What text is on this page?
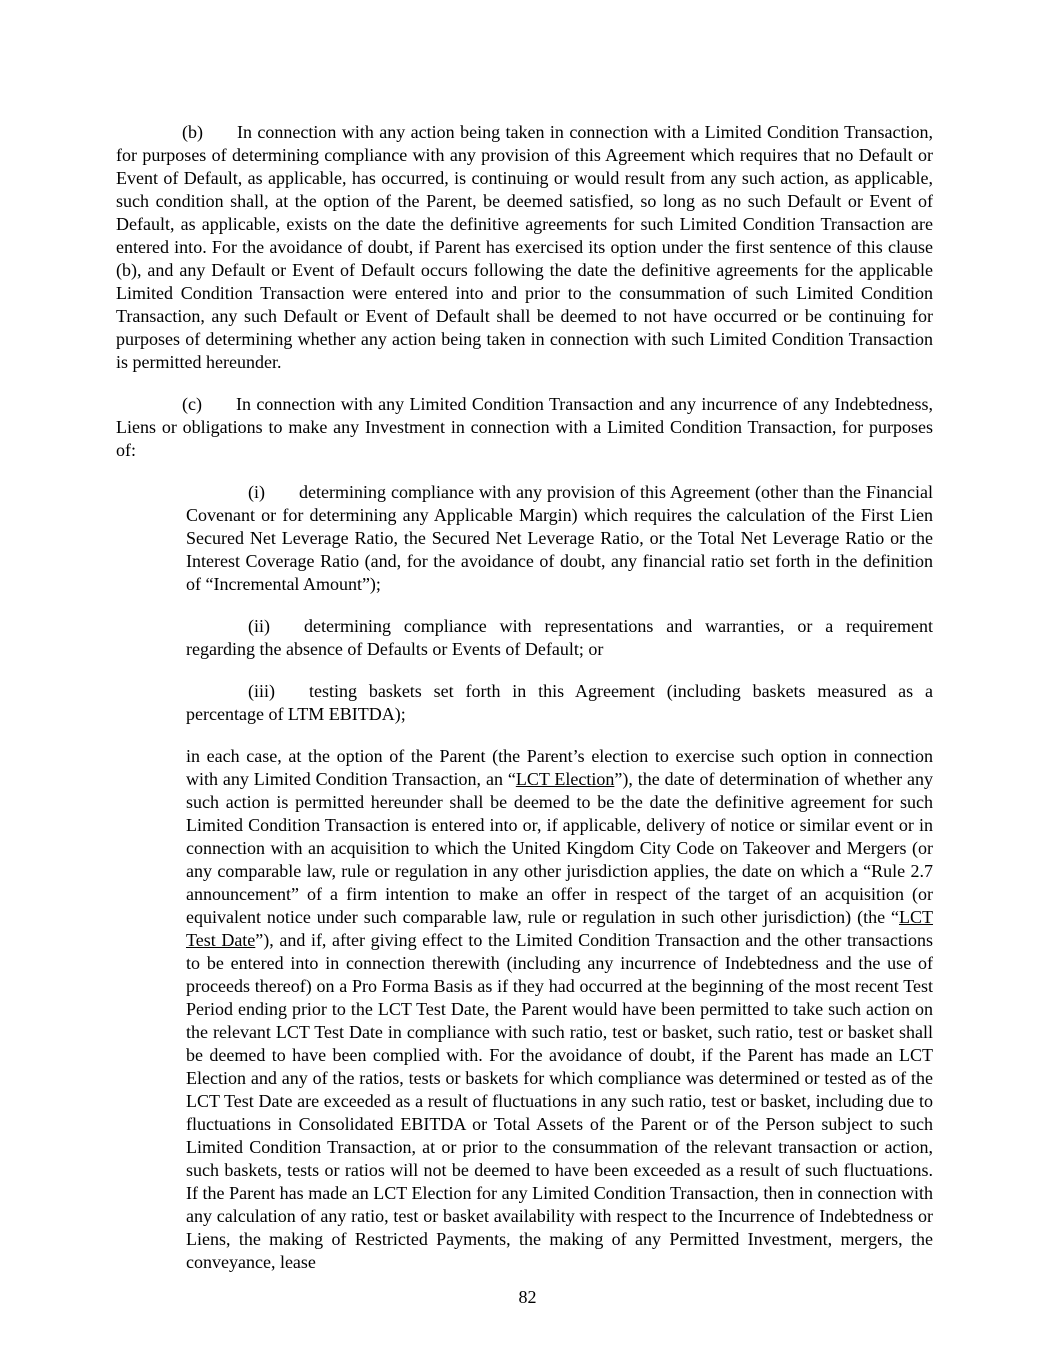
(b) In connection with any action being taken in connection with a Limited Condition Transaction, for purposes of determining compliance with any provision of this Agreement which requires that no Default or Event of Default, as applicable, has occurred, is continuing or would result from any such action, as applicable, such condition shall, at the option of the Parent, be deemed satisfied, so long as no such Default or Event of Default, as applicable, exists on the date the definitive agreements for such Limited Condition Transaction are entered into. For the avoidance of doubt, if Parent has exercised its option under the first sentence of this clause (b), and any Default or Event of Default occurs following the date the definitive agreements for the applicable Limited Condition Transaction were entered into and prior to the consummation of such Limited Condition Transaction, any such Default or Event of Default shall be deemed to not have occurred or be continuing for purposes of determining whether any action being taken in connection with such Limited Condition Transaction is permitted hereunder.

(c) In connection with any Limited Condition Transaction and any incurrence of any Indebtedness, Liens or obligations to make any Investment in connection with a Limited Condition Transaction, for purposes of:

(i) determining compliance with any provision of this Agreement (other than the Financial Covenant or for determining any Applicable Margin) which requires the calculation of the First Lien Secured Net Leverage Ratio, the Secured Net Leverage Ratio, or the Total Net Leverage Ratio or the Interest Coverage Ratio (and, for the avoidance of doubt, any financial ratio set forth in the definition of “Incremental Amount”);

(ii) determining compliance with representations and warranties, or a requirement regarding the absence of Defaults or Events of Default; or

(iii) testing baskets set forth in this Agreement (including baskets measured as a percentage of LTM EBITDA);

in each case, at the option of the Parent (the Parent’s election to exercise such option in connection with any Limited Condition Transaction, an “LCT Election”), the date of determination of whether any such action is permitted hereunder shall be deemed to be the date the definitive agreement for such Limited Condition Transaction is entered into or, if applicable, delivery of notice or similar event or in connection with an acquisition to which the United Kingdom City Code on Takeover and Mergers (or any comparable law, rule or regulation in any other jurisdiction applies, the date on which a “Rule 2.7 announcement” of a firm intention to make an offer in respect of the target of an acquisition (or equivalent notice under such comparable law, rule or regulation in such other jurisdiction) (the “LCT Test Date”), and if, after giving effect to the Limited Condition Transaction and the other transactions to be entered into in connection therewith (including any incurrence of Indebtedness and the use of proceeds thereof) on a Pro Forma Basis as if they had occurred at the beginning of the most recent Test Period ending prior to the LCT Test Date, the Parent would have been permitted to take such action on the relevant LCT Test Date in compliance with such ratio, test or basket, such ratio, test or basket shall be deemed to have been complied with. For the avoidance of doubt, if the Parent has made an LCT Election and any of the ratios, tests or baskets for which compliance was determined or tested as of the LCT Test Date are exceeded as a result of fluctuations in any such ratio, test or basket, including due to fluctuations in Consolidated EBITDA or Total Assets of the Parent or of the Person subject to such Limited Condition Transaction, at or prior to the consummation of the relevant transaction or action, such baskets, tests or ratios will not be deemed to have been exceeded as a result of such fluctuations. If the Parent has made an LCT Election for any Limited Condition Transaction, then in connection with any calculation of any ratio, test or basket availability with respect to the Incurrence of Indebtedness or Liens, the making of Restricted Payments, the making of any Permitted Investment, mergers, the conveyance, lease

82
